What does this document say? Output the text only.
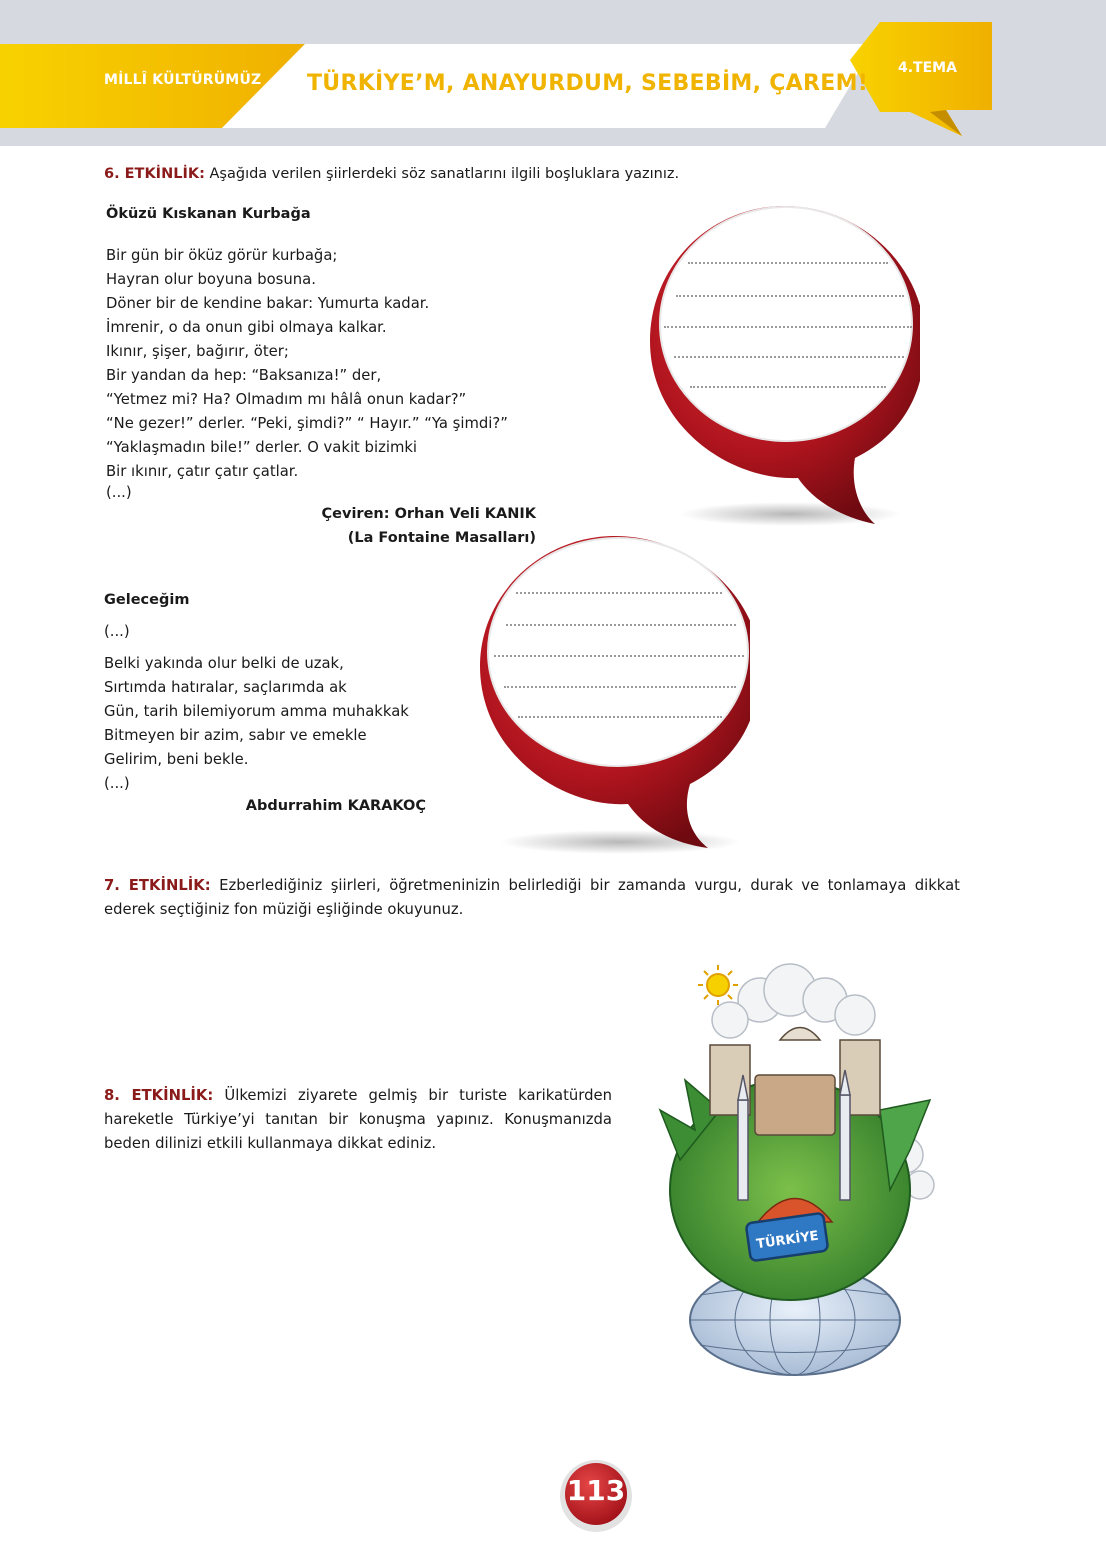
MİLLÎ KÜLTÜRÜMÜZ TÜRKİYE’M, ANAYURDUM, SEBEBİM, ÇAREM!
4.TEMA
6. ETKİNLİK: Aşağıda verilen şiirlerdeki söz sanatlarını ilgili boşluklara yazınız.
Öküzü Kıskanan Kurbağa
Bir gün bir öküz görür kurbağa;
Hayran olur boyuna bosuna.
Döner bir de kendine bakar: Yumurta kadar.
İmrenir, o da onun gibi olmaya kalkar.
Ikınır, şişer, bağırır, öter;
Bir yandan da hep: “Baksanıza!” der,
“Yetmez mi? Ha? Olmadım mı hâlâ onun kadar?”
“Ne gezer!” derler. “Peki, şimdi?” “ Hayır.” “Ya şimdi?”
“Yaklaşmadın bile!” derler. O vakit bizimki
Bir ıkınır, çatır çatır çatlar.
(...)
Çeviren: Orhan Veli KANIK
(La Fontaine Masalları)
Geleceğim
(...)
Belki yakında olur belki de uzak,
Sırtımda hatıralar, saçlarımda ak
Gün, tarih bilemiyorum amma muhakkak
Bitmeyen bir azim, sabır ve emekle
Gelirim, beni bekle.
(...)
Abdurrahim KARAKOÇ
7. ETKİNLİK: Ezberlediğiniz şiirleri, öğretmeninizin belirlediği bir zamanda vurgu, durak ve tonlamaya dikkat ederek seçtiğiniz fon müziği eşliğinde okuyunuz.
8. ETKİNLİK: Ülkemizi ziyarete gelmiş bir turiste karikatürden hareketle Türkiye’yi tanıtan bir konuşma yapınız. Konuşmanızda beden dilinizi etkili kullanmaya dikkat ediniz.
TÜRKİYE
113
